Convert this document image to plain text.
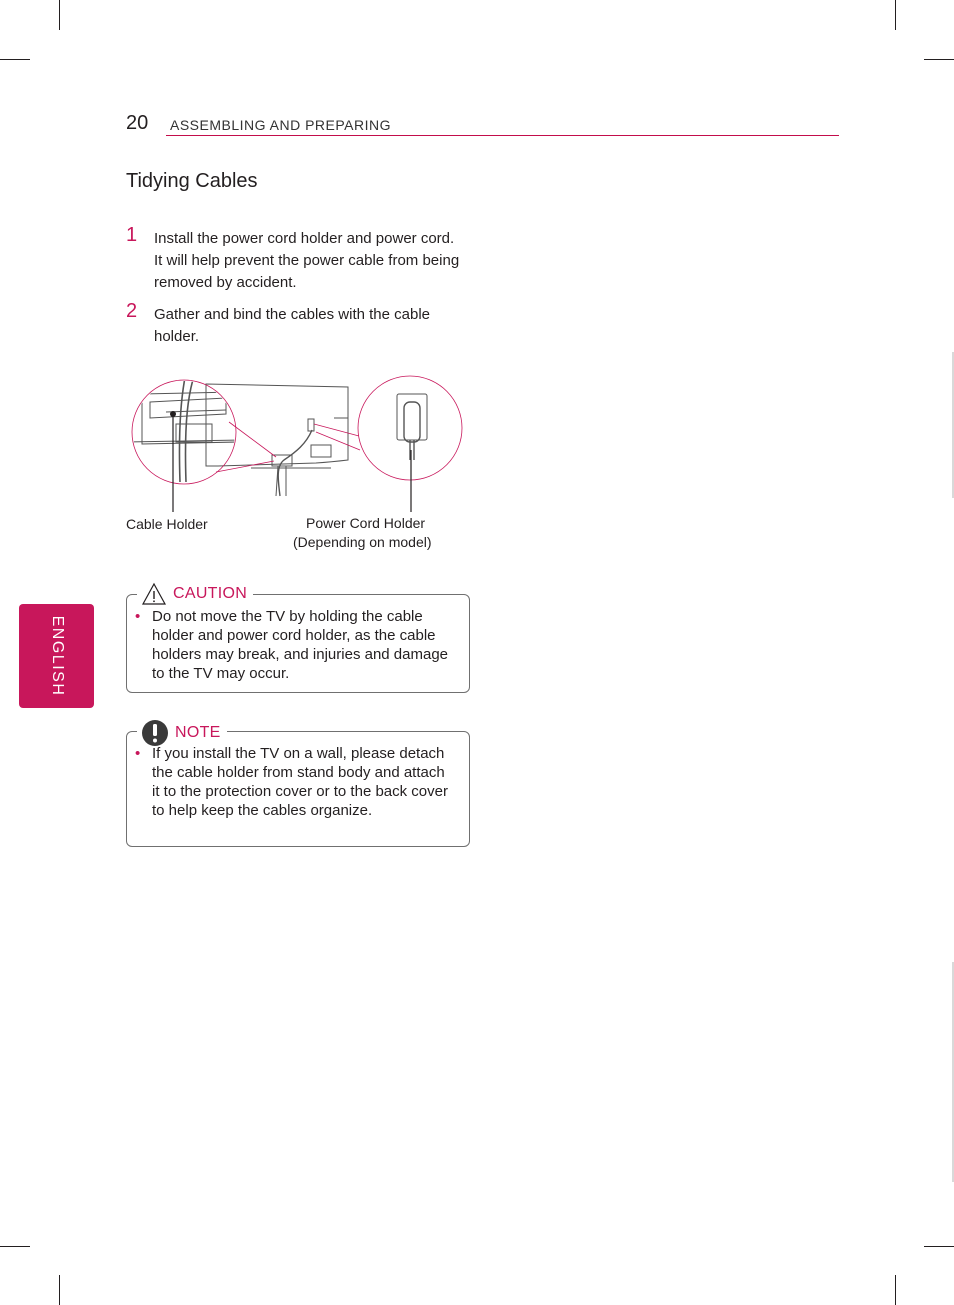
20 ASSEMBLING AND PREPARING
ENGLISH
Tidying Cables
1 Install the power cord holder and power cord. It will help prevent the power cable from being removed by accident.
2 Gather and bind the cables with the cable holder.
Cable Holder	Power Cord Holder
(Depending on model)
CAUTION
• Do not move the TV by holding the cable holder and power cord holder, as the cable holders may break, and injuries and damage to the TV may occur.
NOTE
• If you install the TV on a wall, please detach the cable holder from stand body and attach it to the protection cover or to the back cover to help keep the cables organize.
